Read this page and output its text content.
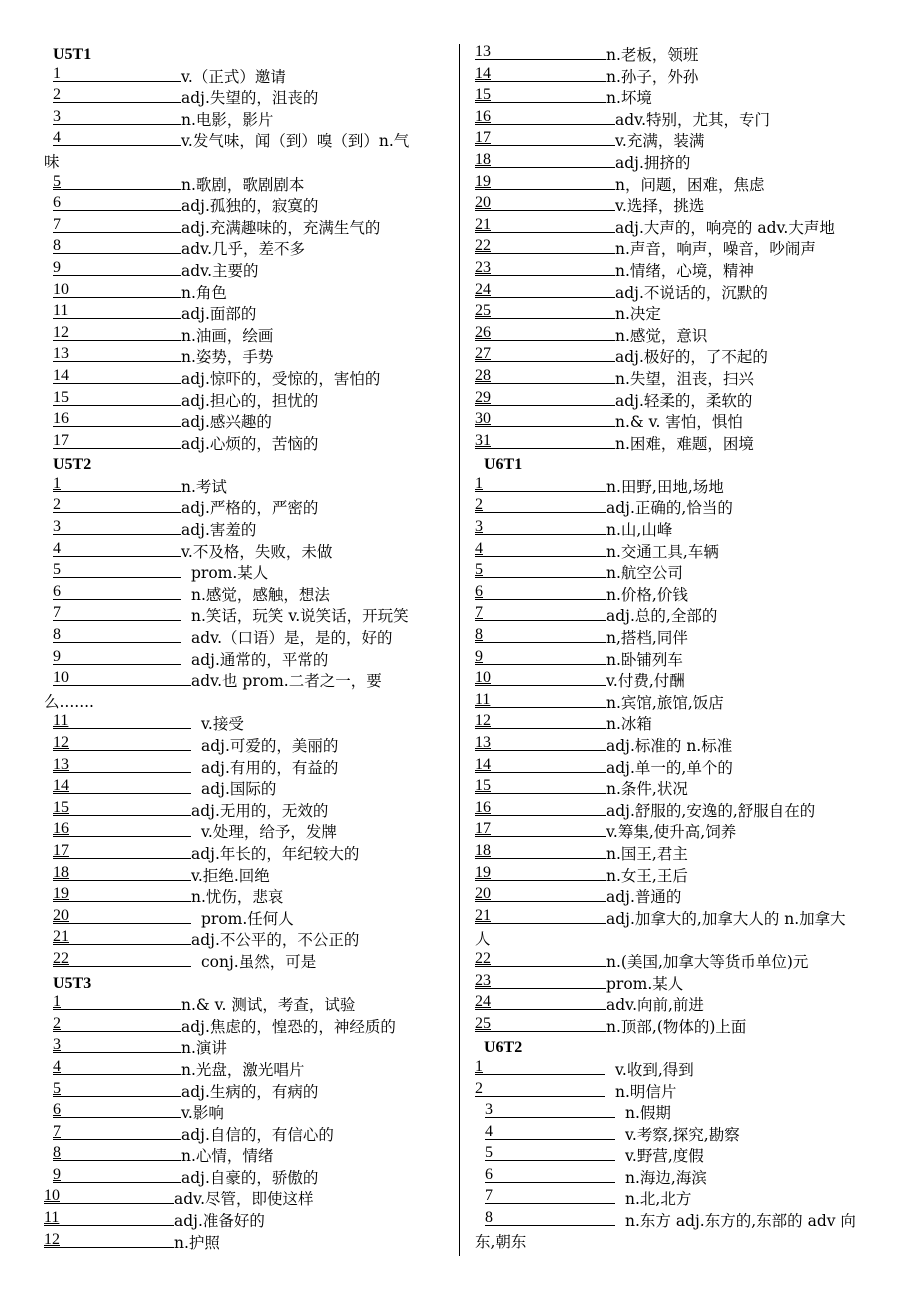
U5T1
1	v.（正式）邀请
2	adj.失望的，沮丧的
3	n.电影，影片
4	v.发气味，闻（到）嗅（到）n.气
味
5	n.歌剧，歌剧剧本
6	adj.孤独的，寂寞的
7	adj.充满趣味的，充满生气的
8	adv.几乎，差不多
9	adv.主要的
10	n.角色
11	adj.面部的
12	n.油画，绘画
13	n.姿势，手势
14	adj.惊吓的，受惊的，害怕的
15	adj.担心的，担忧的
16	adj.感兴趣的
17	adj.心烦的，苦恼的
U5T2
1	n.考试
2	adj.严格的，严密的
3	adj.害羞的
4	v.不及格，失败，未做
5	prom.某人
6	n.感觉，感触，想法
7	n.笑话，玩笑 v.说笑话，开玩笑
8	adv.（口语）是，是的，好的
9	adj.通常的，平常的
10	adv.也 prom.二者之一，要
么.......
11	v.接受
12	adj.可爱的，美丽的
13	adj.有用的，有益的
14	adj.国际的
15	adj.无用的，无效的
16	v.处理，给予，发牌
17	adj.年长的，年纪较大的
18	v.拒绝.回绝
19	n.忧伤，悲哀
20	prom.任何人
21	adj.不公平的，不公正的
22	conj.虽然，可是
U5T3
1	n.& v. 测试，考查，试验
2	adj.焦虑的，惶恐的，神经质的
3	n.演讲
4	n.光盘，激光唱片
5	adj.生病的，有病的
6	v.影响
7	adj.自信的，有信心的
8	n.心情，情绪
9	adj.自豪的，骄傲的
10	adv.尽管，即使这样
11	adj.准备好的
12	n.护照
13	n.老板，领班
14	n.孙子，外孙
15	n.坏境
16	adv.特别，尤其，专门
17	v.充满，装满
18	adj.拥挤的
19	n，问题，困难，焦虑
20	v.选择，挑选
21	adj.大声的，响亮的 adv.大声地
22	n.声音，响声，噪音，吵闹声
23	n.情绪，心境，精神
24	adj.不说话的，沉默的
25	n.决定
26	n.感觉，意识
27	adj.极好的，了不起的
28	n.失望，沮丧，扫兴
29	adj.轻柔的，柔软的
30	n.& v. 害怕，惧怕
31	n.困难，难题，困境
U6T1
1	n.田野,田地,场地
2	adj.正确的,恰当的
3	n.山,山峰
4	n.交通工具,车辆
5	n.航空公司
6	n.价格,价钱
7	adj.总的,全部的
8	n,搭档,同伴
9	n.卧铺列车
10	v.付费,付酬
11	n.宾馆,旅馆,饭店
12	n.冰箱
13	adj.标准的 n.标准
14	adj.单一的,单个的
15	n.条件,状况
16	adj.舒服的,安逸的,舒服自在的
17	v.筹集,使升高,饲养
18	n.国王,君主
19	n.女王,王后
20	adj.普通的
21	adj.加拿大的,加拿大人的 n.加拿大
人
22	n.(美国,加拿大等货币单位)元
23	prom.某人
24	adv.向前,前进
25	n.顶部,(物体的)上面
U6T2
1	v.收到,得到
2	n.明信片
3	n.假期
4	v.考察,探究,勘察
5	v.野营,度假
6	n.海边,海滨
7	n.北,北方
8	n.东方 adj.东方的,东部的 adv 向
东,朝东
